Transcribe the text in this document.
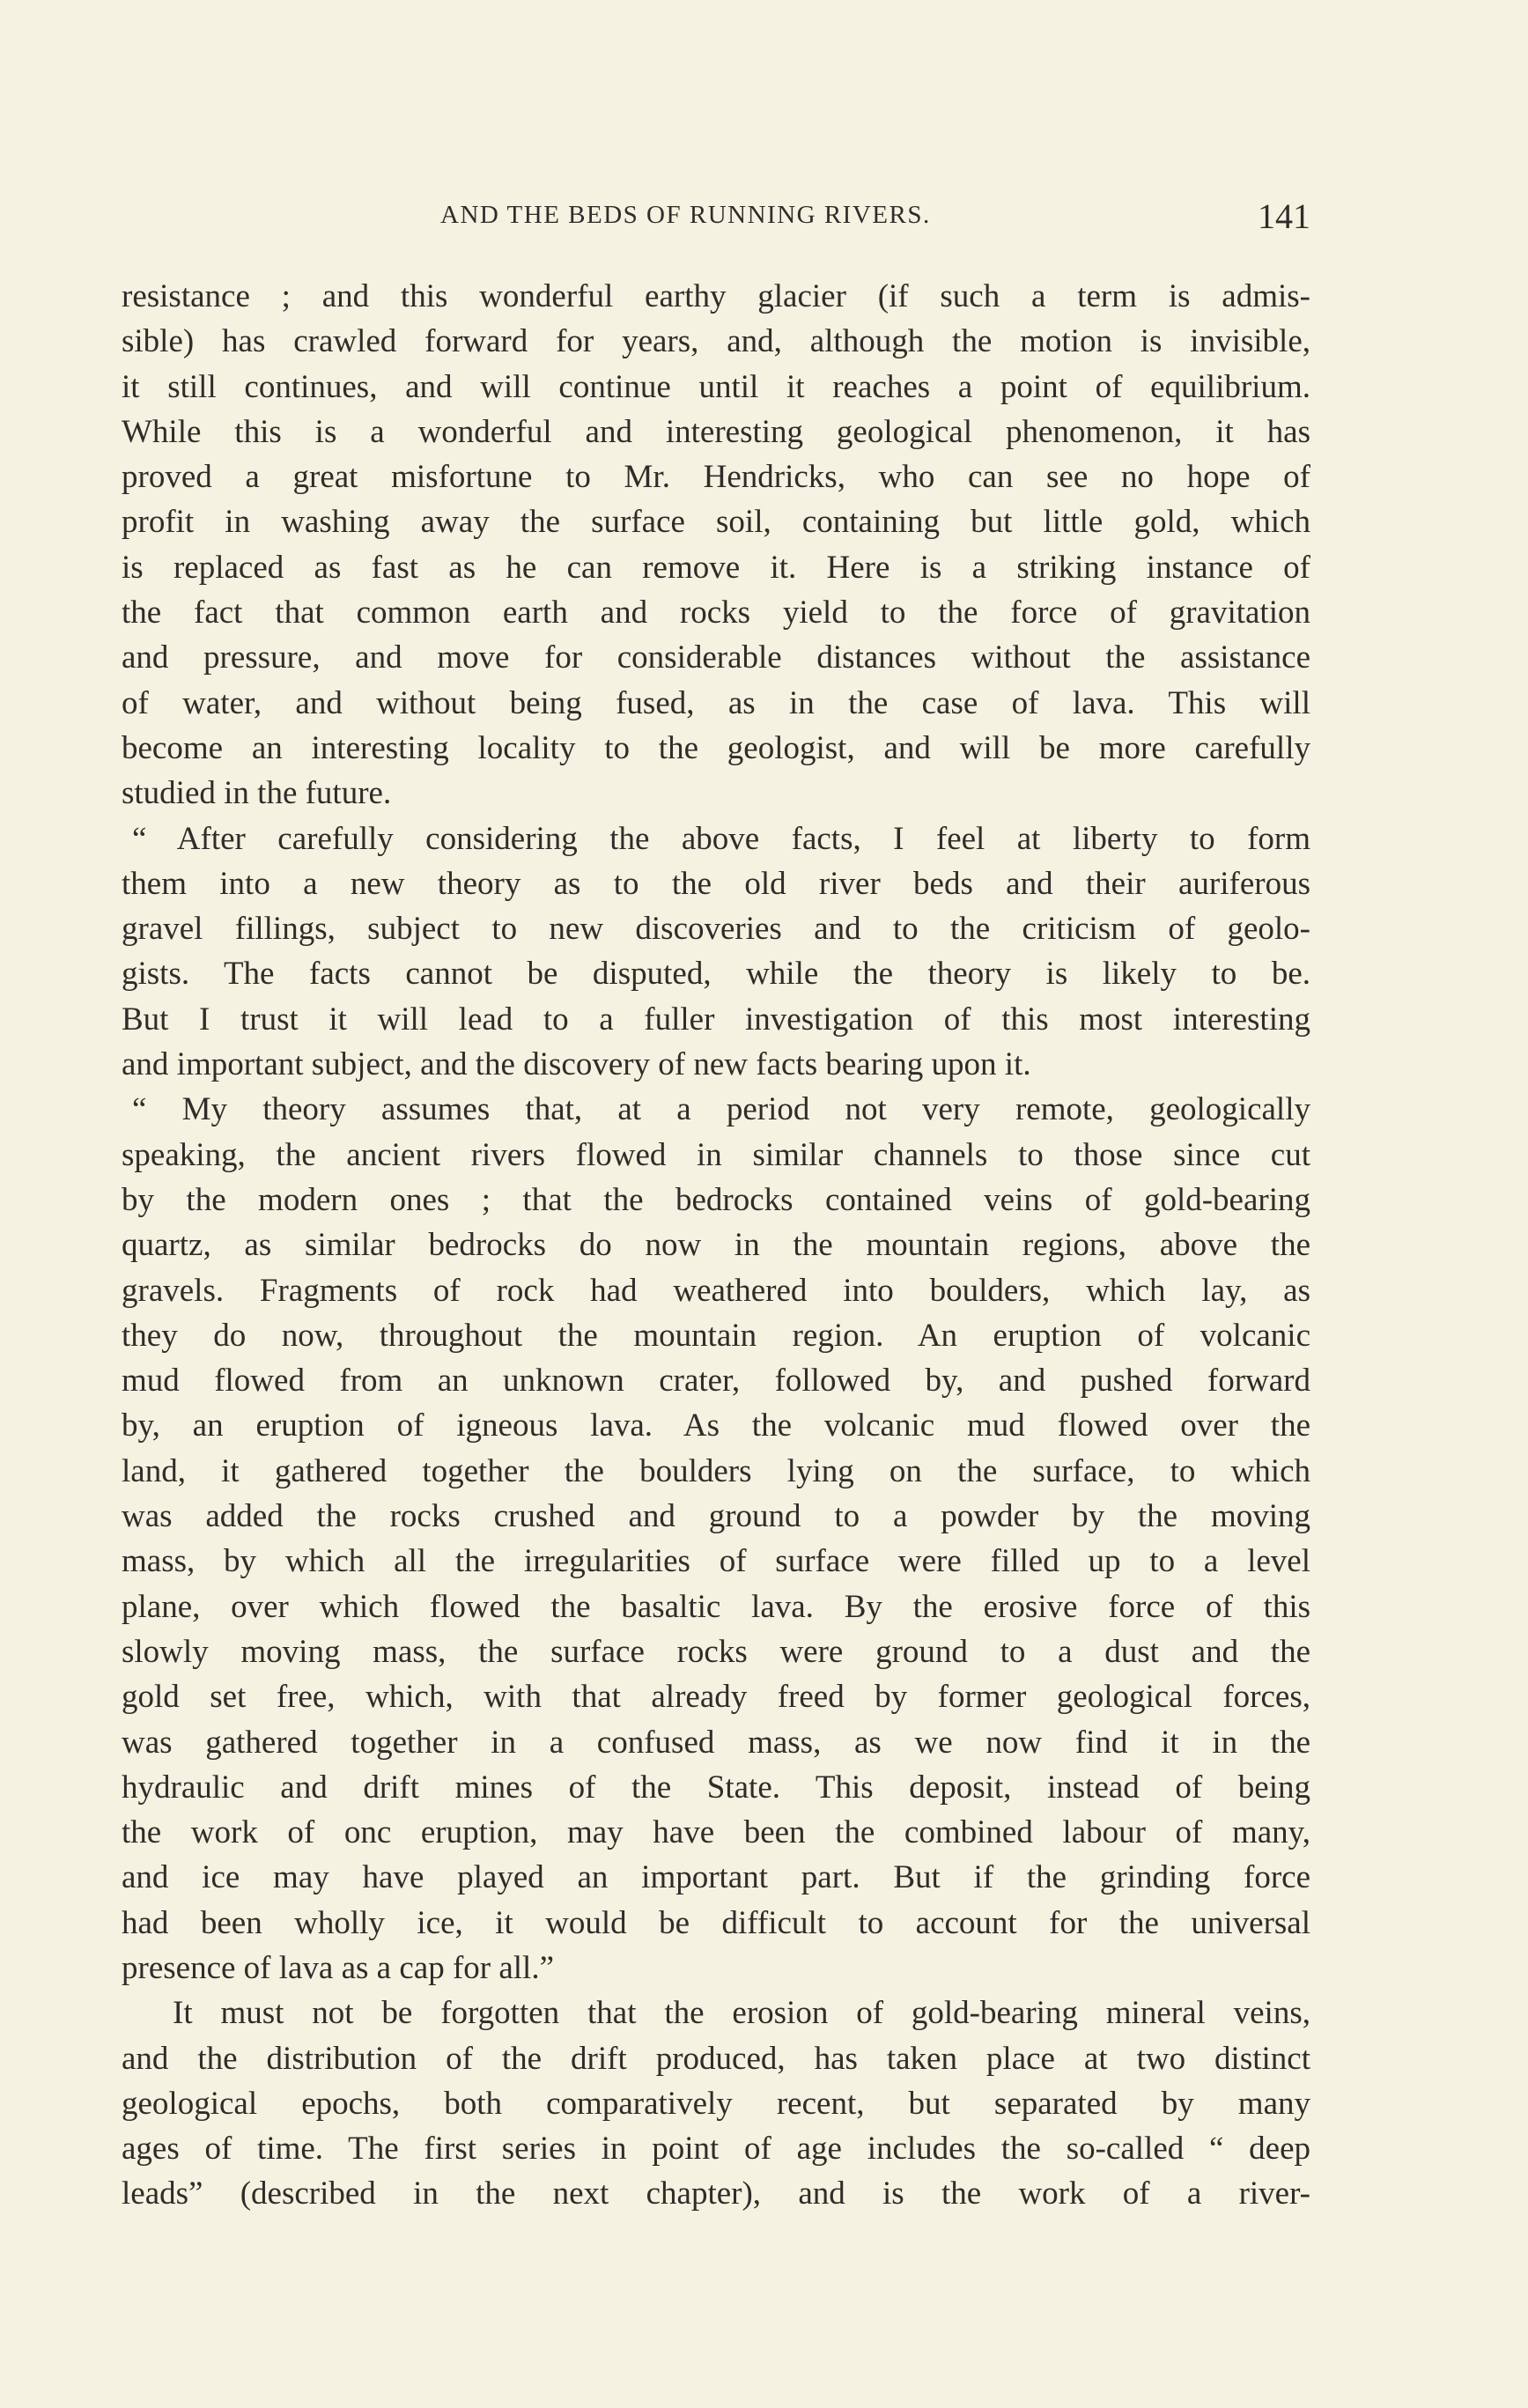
AND THE BEDS OF RUNNING RIVERS.	141
resistance ; and this wonderful earthy glacier (if such a term is admis-
sible) has crawled forward for years, and, although the motion is invisible,
it still continues, and will continue until it reaches a point of equilibrium.
While this is a wonderful and interesting geological phenomenon, it has
proved a great misfortune to Mr. Hendricks, who can see no hope of
profit in washing away the surface soil, containing but little gold, which
is replaced as fast as he can remove it. Here is a striking instance of
the fact that common earth and rocks yield to the force of gravitation
and pressure, and move for considerable distances without the assistance
of water, and without being fused, as in the case of lava. This will
become an interesting locality to the geologist, and will be more carefully
studied in the future.
“ After carefully considering the above facts, I feel at liberty to form
them into a new theory as to the old river beds and their auriferous
gravel fillings, subject to new discoveries and to the criticism of geolo-
gists. The facts cannot be disputed, while the theory is likely to be.
But I trust it will lead to a fuller investigation of this most interesting
and important subject, and the discovery of new facts bearing upon it.
“ My theory assumes that, at a period not very remote, geologically
speaking, the ancient rivers flowed in similar channels to those since cut
by the modern ones ; that the bedrocks contained veins of gold-bearing
quartz, as similar bedrocks do now in the mountain regions, above the
gravels. Fragments of rock had weathered into boulders, which lay, as
they do now, throughout the mountain region. An eruption of volcanic
mud flowed from an unknown crater, followed by, and pushed forward
by, an eruption of igneous lava. As the volcanic mud flowed over the
land, it gathered together the boulders lying on the surface, to which
was added the rocks crushed and ground to a powder by the moving
mass, by which all the irregularities of surface were filled up to a level
plane, over which flowed the basaltic lava. By the erosive force of this
slowly moving mass, the surface rocks were ground to a dust and the
gold set free, which, with that already freed by former geological forces,
was gathered together in a confused mass, as we now find it in the
hydraulic and drift mines of the State. This deposit, instead of being
the work of onc eruption, may have been the combined labour of many,
and ice may have played an important part. But if the grinding force
had been wholly ice, it would be difficult to account for the universal
presence of lava as a cap for all.”
It must not be forgotten that the erosion of gold-bearing mineral veins,
and the distribution of the drift produced, has taken place at two distinct
geological epochs, both comparatively recent, but separated by many
ages of time. The first series in point of age includes the so-called “ deep
leads” (described in the next chapter), and is the work of a river-
